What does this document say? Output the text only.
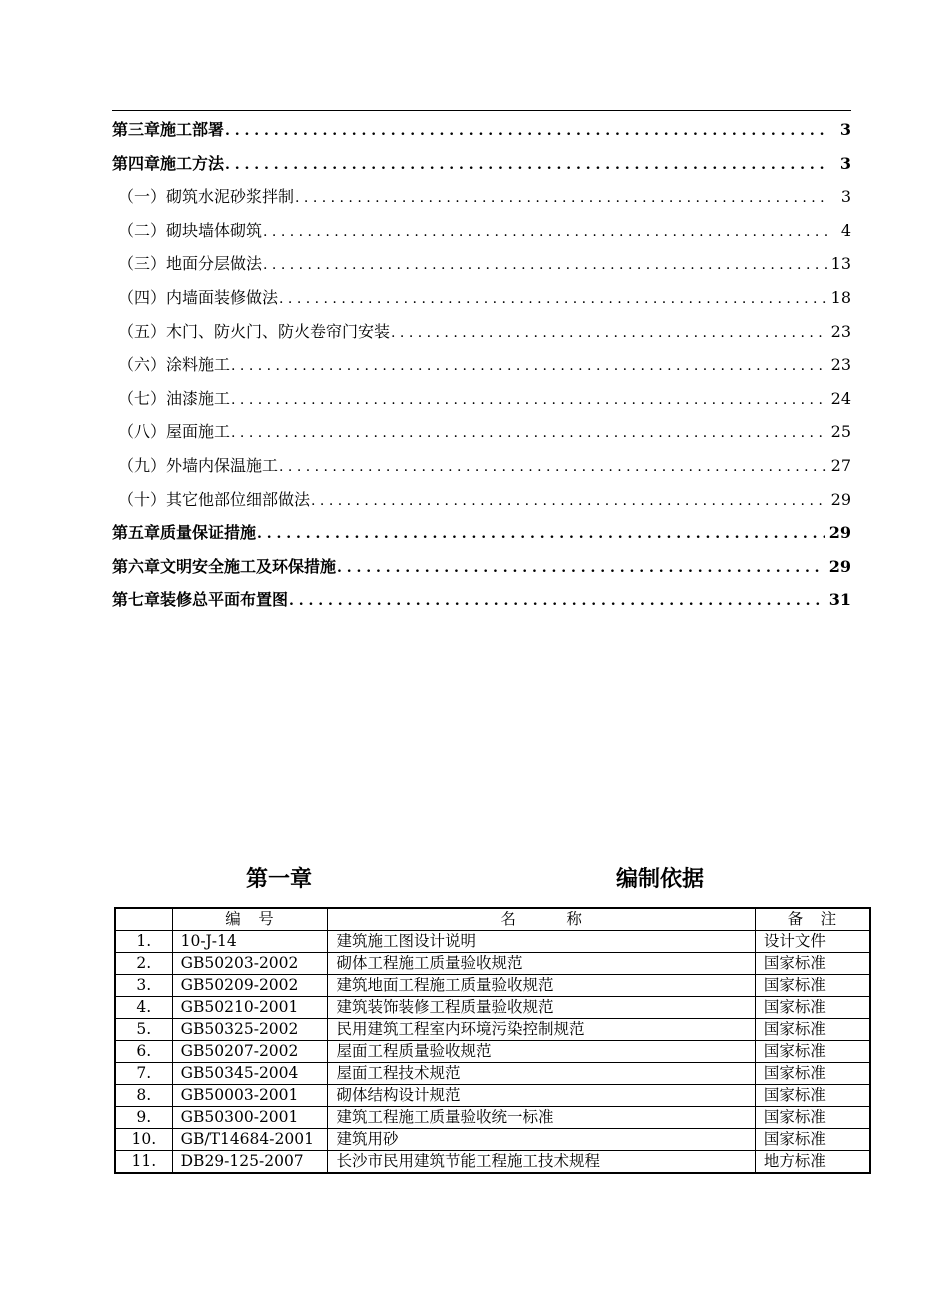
第三章 施工部署 . . .	3
第四章 施工方法 . . .	3
（一） 砌筑水泥砂浆拌制 . . .	3
（二） 砌块墙体砌筑 . . .	4
（三） 地面分层做法 . . .	13
（四） 内墙面装修做法 . . .	18
（五） 木门、防火门、防火卷帘门安装 . . .	23
（六） 涂料施工 . . .	23
（七） 油漆施工 . . .	24
（八） 屋面施工 . . .	25
（九） 外墙内保温施工 . . .	27
（十） 其它他部位细部做法 . . .	29
第五章 质量保证措施 . . .	29
第六章 文明安全施工及环保措施 . . .	29
第七章 装修总平面布置图 . . .	31
第一章	编制依据
	编　号	名　　　称	备　注
1.	10-J-14	建筑施工图设计说明	设计文件
2.	GB50203-2002	砌体工程施工质量验收规范	国家标准
3.	GB50209-2002	建筑地面工程施工质量验收规范	国家标准
4.	GB50210-2001	建筑装饰装修工程质量验收规范	国家标准
5.	GB50325-2002	民用建筑工程室内环境污染控制规范	国家标准
6.	GB50207-2002	屋面工程质量验收规范	国家标准
7.	GB50345-2004	屋面工程技术规范	国家标准
8.	GB50003-2001	砌体结构设计规范	国家标准
9.	GB50300-2001	建筑工程施工质量验收统一标准	国家标准
10.	GB/T14684-2001	建筑用砂	国家标准
11.	DB29-125-2007	长沙市民用建筑节能工程施工技术规程	地方标准
